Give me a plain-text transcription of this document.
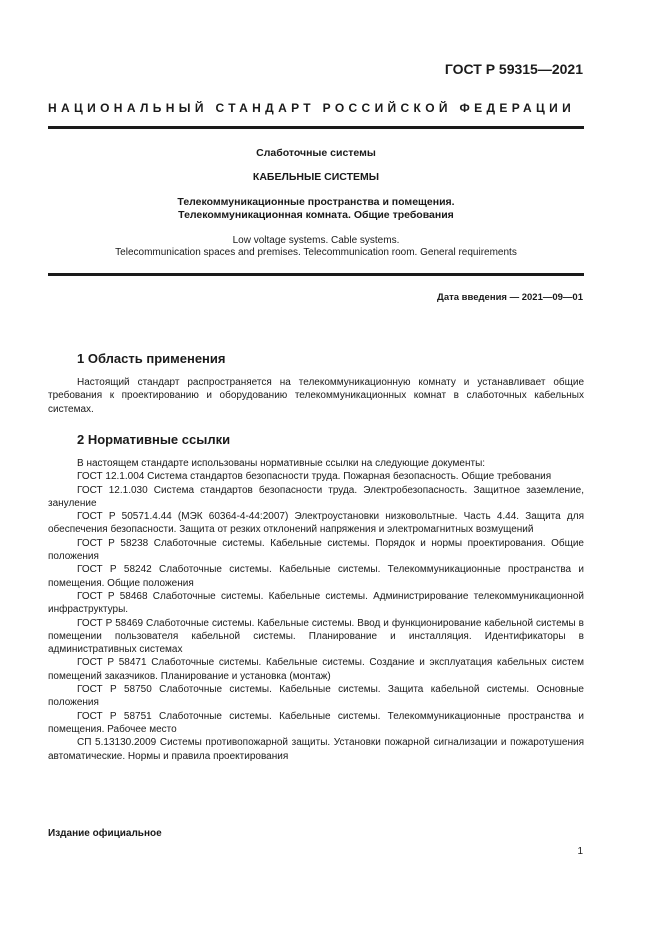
ГОСТ Р 59315—2021
НАЦИОНАЛЬНЫЙ СТАНДАРТ РОССИЙСКОЙ ФЕДЕРАЦИИ
Слаботочные системы
КАБЕЛЬНЫЕ СИСТЕМЫ
Телекоммуникационные пространства и помещения.
Телекоммуникационная комната. Общие требования
Low voltage systems. Cable systems.
Telecommunication spaces and premises. Telecommunication room. General requirements
Дата введения — 2021—09—01
1 Область применения

Настоящий стандарт распространяется на телекоммуникационную комнату и устанавливает общие требования к проектированию и оборудованию телекоммуникационных комнат в слаботочных кабельных системах.

2 Нормативные ссылки

В настоящем стандарте использованы нормативные ссылки на следующие документы:

ГОСТ 12.1.004 Система стандартов безопасности труда. Пожарная безопасность. Общие требования

ГОСТ 12.1.030 Система стандартов безопасности труда. Электробезопасность. Защитное заземление, зануление

ГОСТ Р 50571.4.44 (МЭК 60364-4-44:2007) Электроустановки низковольтные. Часть 4.44. Защита для обеспечения безопасности. Защита от резких отклонений напряжения и электромагнитных возмущений

ГОСТ Р 58238 Слаботочные системы. Кабельные системы. Порядок и нормы проектирования. Общие положения

ГОСТ Р 58242 Слаботочные системы. Кабельные системы. Телекоммуникационные пространства и помещения. Общие положения

ГОСТ Р 58468 Слаботочные системы. Кабельные системы. Администрирование телекоммуникационной инфраструктуры.

ГОСТ Р 58469 Слаботочные системы. Кабельные системы. Ввод и функционирование кабельной системы в помещении пользователя кабельной системы. Планирование и инсталляция. Идентификаторы в административных системах

ГОСТ Р 58471 Слаботочные системы. Кабельные системы. Создание и эксплуатация кабельных систем помещений заказчиков. Планирование и установка (монтаж)

ГОСТ Р 58750 Слаботочные системы. Кабельные системы. Защита кабельной системы. Основные положения

ГОСТ Р 58751 Слаботочные системы. Кабельные системы. Телекоммуникационные пространства и помещения. Рабочее место

СП 5.13130.2009 Системы противопожарной защиты. Установки пожарной сигнализации и пожаротушения автоматические. Нормы и правила проектирования

Издание официальное
1
